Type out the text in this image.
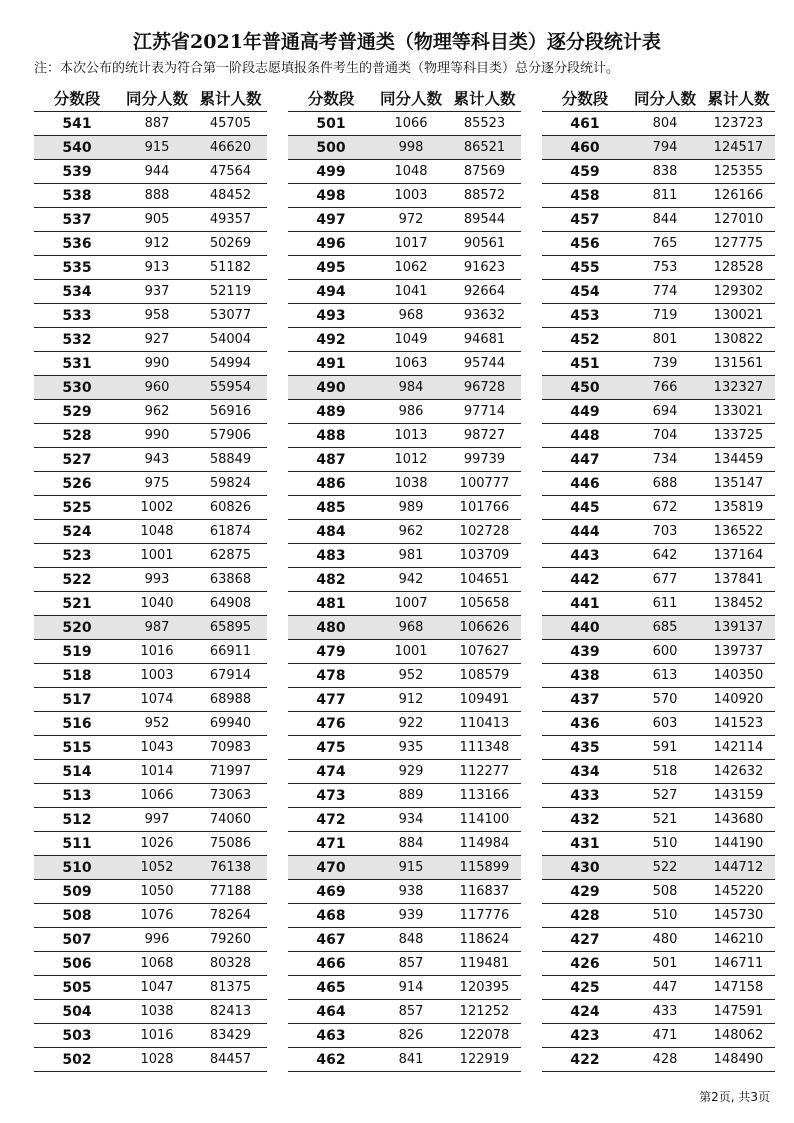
江苏省2021年普通高考普通类（物理等科目类）逐分段统计表
注：本次公布的统计表为符合第一阶段志愿填报条件考生的普通类（物理等科目类）总分逐分段统计。
分数段	同分人数 累计人数
541	887	45705
540	915	46620
539	944	47564
538	888	48452
537	905	49357
536	912	50269
535	913	51182
534	937	52119
533	958	53077
532	927	54004
531	990	54994
530	960	55954
529	962	56916
528	990	57906
527	943	58849
526	975	59824
525	1002	60826
524	1048	61874
523	1001	62875
522	993	63868
521	1040	64908
520	987	65895
519	1016	66911
518	1003	67914
517	1074	68988
516	952	69940
515	1043	70983
514	1014	71997
513	1066	73063
512	997	74060
511	1026	75086
510	1052	76138
509	1050	77188
508	1076	78264
507	996	79260
506	1068	80328
505	1047	81375
504	1038	82413
503	1016	83429
502	1028	84457
分数段	同分人数 累计人数
501	1066	85523
500	998	86521
499	1048	87569
498	1003	88572
497	972	89544
496	1017	90561
495	1062	91623
494	1041	92664
493	968	93632
492	1049	94681
491	1063	95744
490	984	96728
489	986	97714
488	1013	98727
487	1012	99739
486	1038	100777
485	989	101766
484	962	102728
483	981	103709
482	942	104651
481	1007	105658
480	968	106626
479	1001	107627
478	952	108579
477	912	109491
476	922	110413
475	935	111348
474	929	112277
473	889	113166
472	934	114100
471	884	114984
470	915	115899
469	938	116837
468	939	117776
467	848	118624
466	857	119481
465	914	120395
464	857	121252
463	826	122078
462	841	122919
分数段	同分人数 累计人数
461	804	123723
460	794	124517
459	838	125355
458	811	126166
457	844	127010
456	765	127775
455	753	128528
454	774	129302
453	719	130021
452	801	130822
451	739	131561
450	766	132327
449	694	133021
448	704	133725
447	734	134459
446	688	135147
445	672	135819
444	703	136522
443	642	137164
442	677	137841
441	611	138452
440	685	139137
439	600	139737
438	613	140350
437	570	140920
436	603	141523
435	591	142114
434	518	142632
433	527	143159
432	521	143680
431	510	144190
430	522	144712
429	508	145220
428	510	145730
427	480	146210
426	501	146711
425	447	147158
424	433	147591
423	471	148062
422	428	148490
第2页, 共3页
